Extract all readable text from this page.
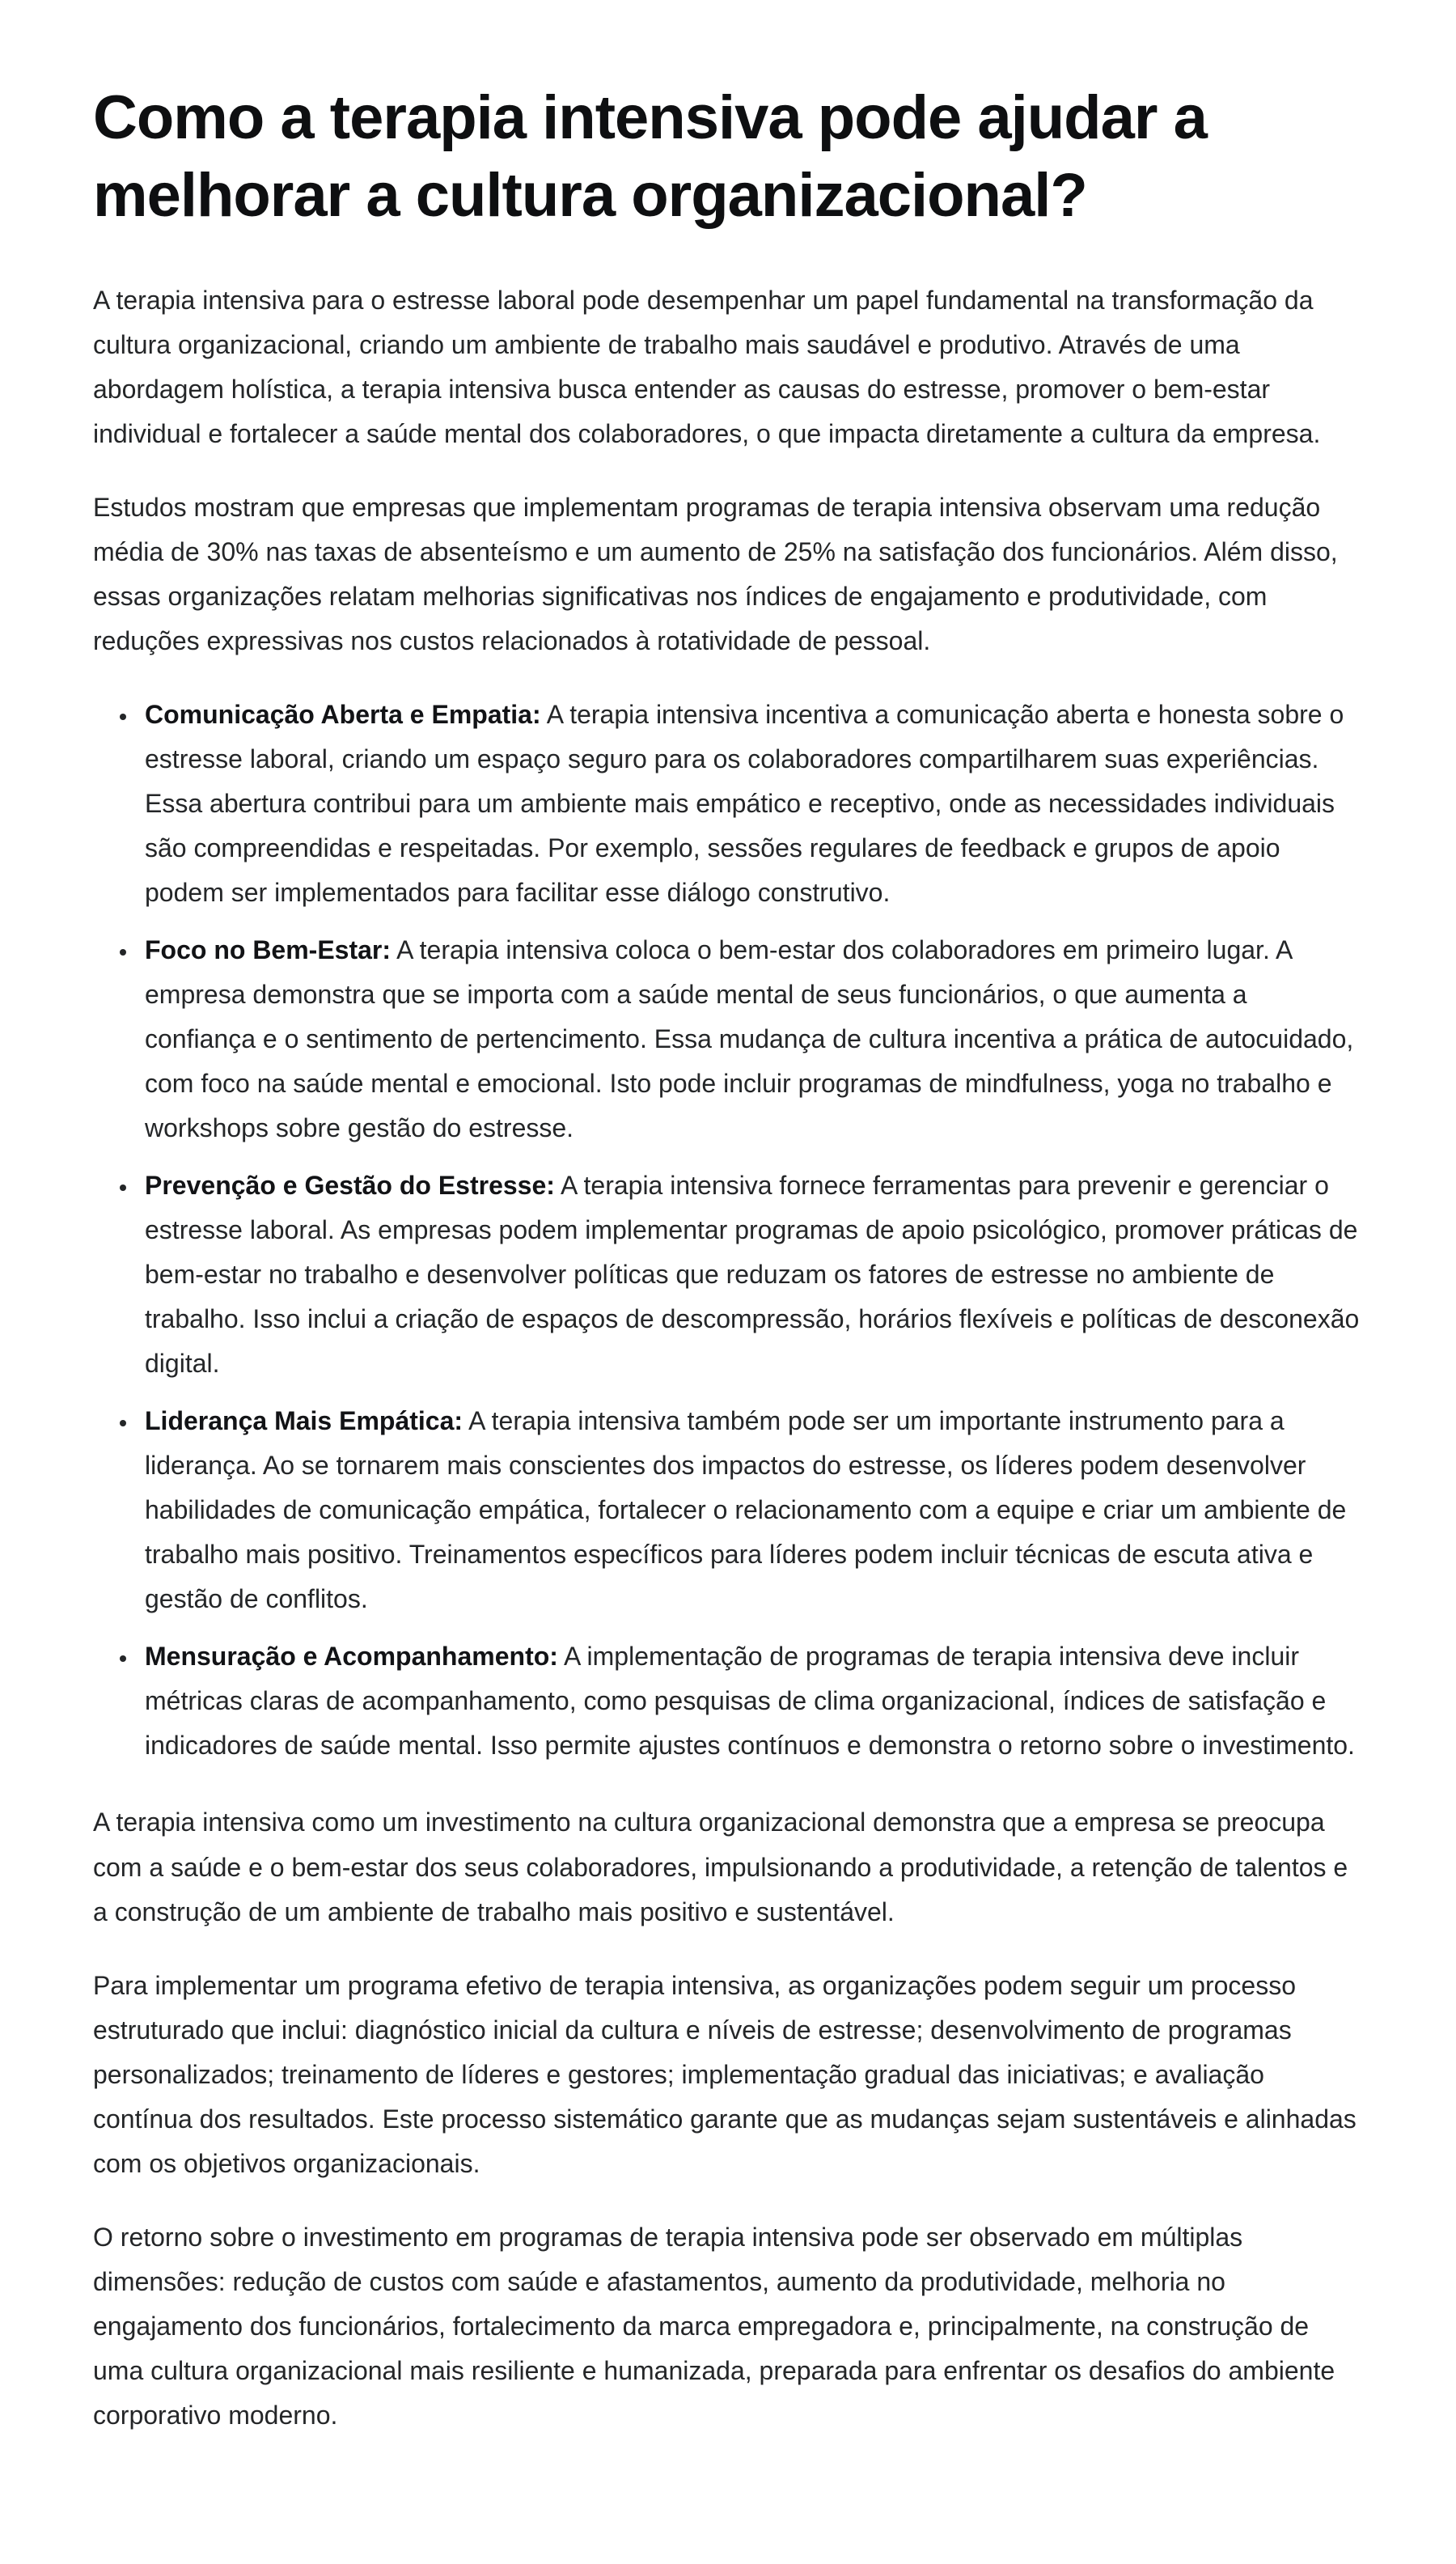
Como a terapia intensiva pode ajudar a melhorar a cultura organizacional?

A terapia intensiva para o estresse laboral pode desempenhar um papel fundamental na transformação da cultura organizacional, criando um ambiente de trabalho mais saudável e produtivo. Através de uma abordagem holística, a terapia intensiva busca entender as causas do estresse, promover o bem-estar individual e fortalecer a saúde mental dos colaboradores, o que impacta diretamente a cultura da empresa.

Estudos mostram que empresas que implementam programas de terapia intensiva observam uma redução média de 30% nas taxas de absenteísmo e um aumento de 25% na satisfação dos funcionários. Além disso, essas organizações relatam melhorias significativas nos índices de engajamento e produtividade, com reduções expressivas nos custos relacionados à rotatividade de pessoal.

• Comunicação Aberta e Empatia: A terapia intensiva incentiva a comunicação aberta e honesta sobre o estresse laboral, criando um espaço seguro para os colaboradores compartilharem suas experiências. Essa abertura contribui para um ambiente mais empático e receptivo, onde as necessidades individuais são compreendidas e respeitadas. Por exemplo, sessões regulares de feedback e grupos de apoio podem ser implementados para facilitar esse diálogo construtivo.
• Foco no Bem-Estar: A terapia intensiva coloca o bem-estar dos colaboradores em primeiro lugar. A empresa demonstra que se importa com a saúde mental de seus funcionários, o que aumenta a confiança e o sentimento de pertencimento. Essa mudança de cultura incentiva a prática de autocuidado, com foco na saúde mental e emocional. Isto pode incluir programas de mindfulness, yoga no trabalho e workshops sobre gestão do estresse.
• Prevenção e Gestão do Estresse: A terapia intensiva fornece ferramentas para prevenir e gerenciar o estresse laboral. As empresas podem implementar programas de apoio psicológico, promover práticas de bem-estar no trabalho e desenvolver políticas que reduzam os fatores de estresse no ambiente de trabalho. Isso inclui a criação de espaços de descompressão, horários flexíveis e políticas de desconexão digital.
• Liderança Mais Empática: A terapia intensiva também pode ser um importante instrumento para a liderança. Ao se tornarem mais conscientes dos impactos do estresse, os líderes podem desenvolver habilidades de comunicação empática, fortalecer o relacionamento com a equipe e criar um ambiente de trabalho mais positivo. Treinamentos específicos para líderes podem incluir técnicas de escuta ativa e gestão de conflitos.
• Mensuração e Acompanhamento: A implementação de programas de terapia intensiva deve incluir métricas claras de acompanhamento, como pesquisas de clima organizacional, índices de satisfação e indicadores de saúde mental. Isso permite ajustes contínuos e demonstra o retorno sobre o investimento.

A terapia intensiva como um investimento na cultura organizacional demonstra que a empresa se preocupa com a saúde e o bem-estar dos seus colaboradores, impulsionando a produtividade, a retenção de talentos e a construção de um ambiente de trabalho mais positivo e sustentável.

Para implementar um programa efetivo de terapia intensiva, as organizações podem seguir um processo estruturado que inclui: diagnóstico inicial da cultura e níveis de estresse; desenvolvimento de programas personalizados; treinamento de líderes e gestores; implementação gradual das iniciativas; e avaliação contínua dos resultados. Este processo sistemático garante que as mudanças sejam sustentáveis e alinhadas com os objetivos organizacionais.

O retorno sobre o investimento em programas de terapia intensiva pode ser observado em múltiplas dimensões: redução de custos com saúde e afastamentos, aumento da produtividade, melhoria no engajamento dos funcionários, fortalecimento da marca empregadora e, principalmente, na construção de uma cultura organizacional mais resiliente e humanizada, preparada para enfrentar os desafios do ambiente corporativo moderno.
